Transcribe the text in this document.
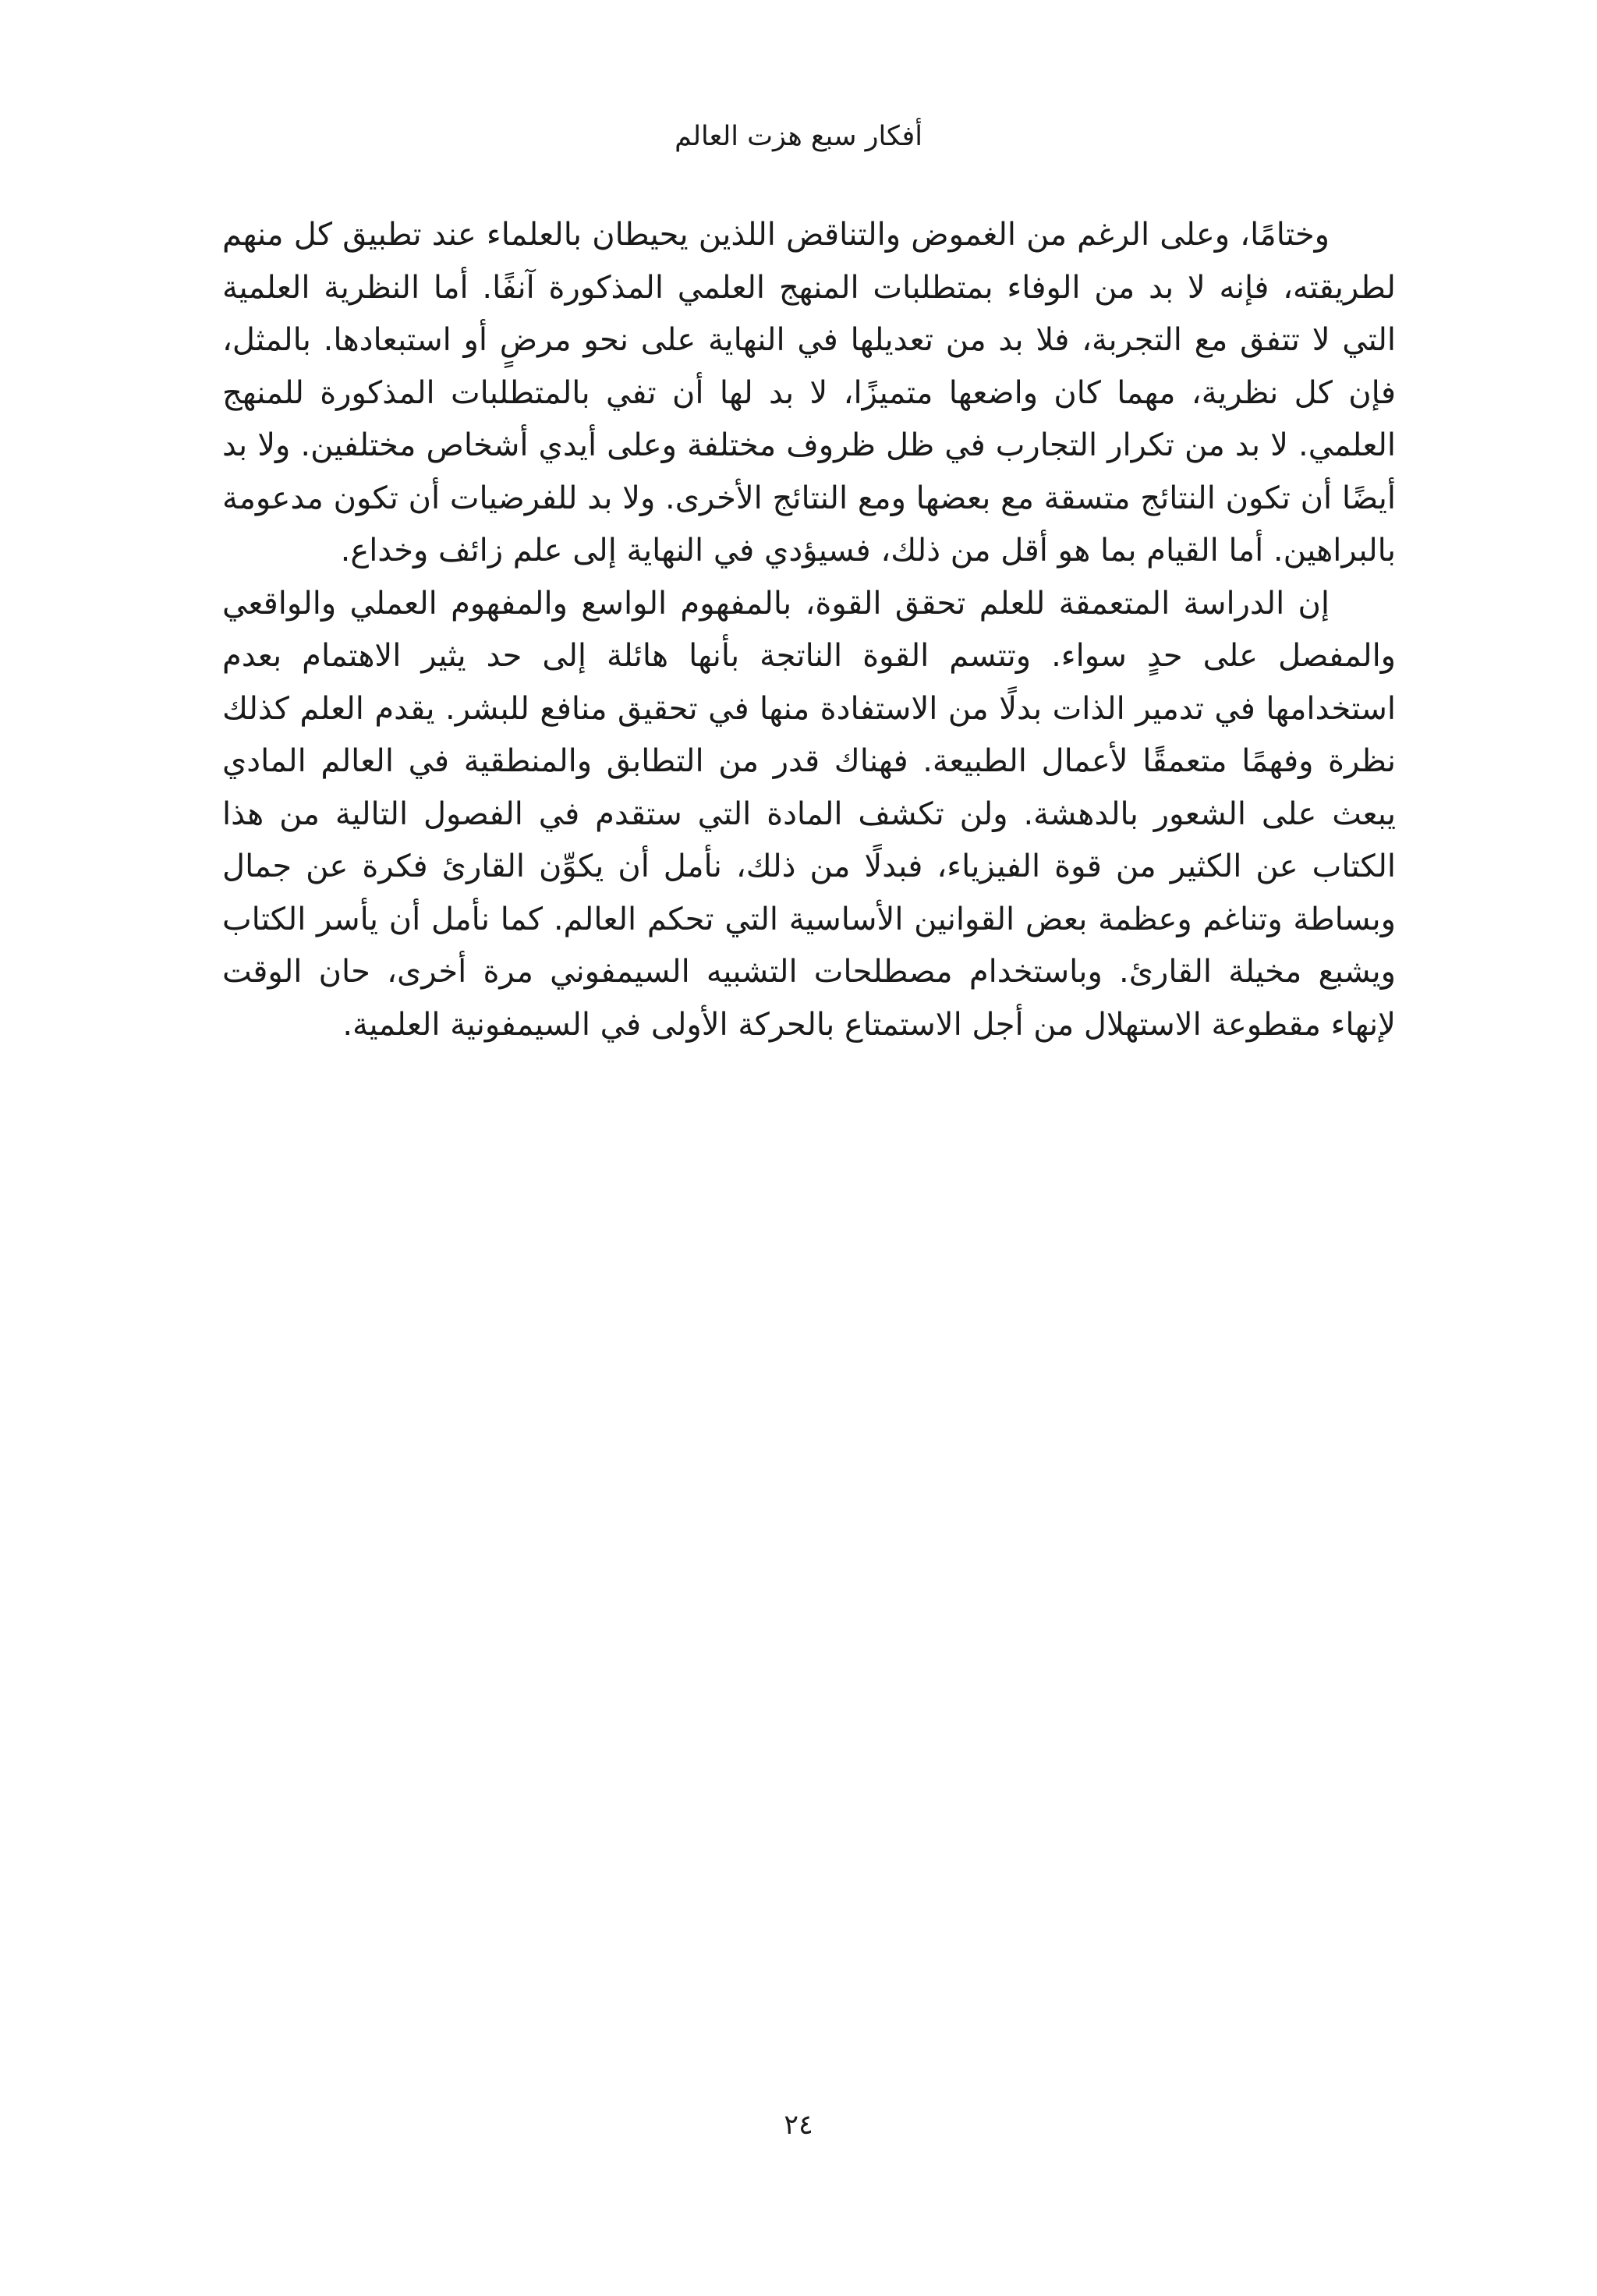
أفكار سبع هزت العالم

وختامًا، وعلى الرغم من الغموض والتناقض اللذين يحيطان بالعلماء عند تطبيق كل منهم لطريقته، فإنه لا بد من الوفاء بمتطلبات المنهج العلمي المذكورة آنفًا. أما النظرية العلمية التي لا تتفق مع التجربة، فلا بد من تعديلها في النهاية على نحو مرضٍ أو استبعادها. بالمثل، فإن كل نظرية، مهما كان واضعها متميزًا، لا بد لها أن تفي بالمتطلبات المذكورة للمنهج العلمي. لا بد من تكرار التجارب في ظل ظروف مختلفة وعلى أيدي أشخاص مختلفين. ولا بد أيضًا أن تكون النتائج متسقة مع بعضها ومع النتائج الأخرى. ولا بد للفرضيات أن تكون مدعومة بالبراهين. أما القيام بما هو أقل من ذلك، فسيؤدي في النهاية إلى علم زائف وخداع.

إن الدراسة المتعمقة للعلم تحقق القوة، بالمفهوم الواسع والمفهوم العملي والواقعي والمفصل على حدٍ سواء. وتتسم القوة الناتجة بأنها هائلة إلى حد يثير الاهتمام بعدم استخدامها في تدمير الذات بدلًا من الاستفادة منها في تحقيق منافع للبشر. يقدم العلم كذلك نظرة وفهمًا متعمقًا لأعمال الطبيعة. فهناك قدر من التطابق والمنطقية في العالم المادي يبعث على الشعور بالدهشة. ولن تكشف المادة التي ستقدم في الفصول التالية من هذا الكتاب عن الكثير من قوة الفيزياء، فبدلًا من ذلك، نأمل أن يكوِّن القارئ فكرة عن جمال وبساطة وتناغم وعظمة بعض القوانين الأساسية التي تحكم العالم. كما نأمل أن يأسر الكتاب ويشبع مخيلة القارئ. وباستخدام مصطلحات التشبيه السيمفوني مرة أخرى، حان الوقت لإنهاء مقطوعة الاستهلال من أجل الاستمتاع بالحركة الأولى في السيمفونية العلمية.

٢٤
